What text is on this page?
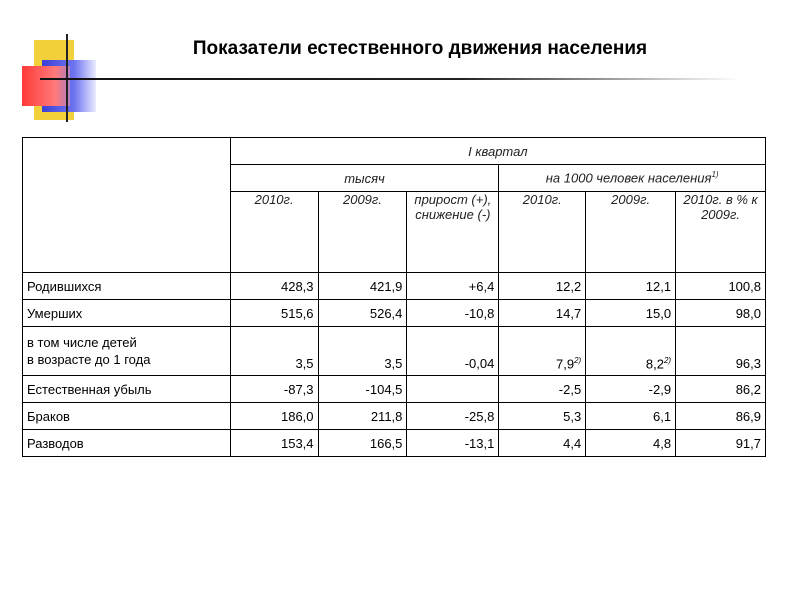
Показатели естественного движения населения
	I квартал					
	тысяч			на 1000 человек населения$^{1)}$
	2010г.	2009г.	прирост (+), снижение (-)	2010г.	2009г.	2010г. в % к 2009г.
Родившихся	428,3	421,9	+6,4	12,2	12,1	100,8
Умерших	515,6	526,4	-10,8	14,7	15,0	98,0

в том числе детей
в возрасте до 1 года	3,5	3,5	-0,04	7,9$^{2)}$	8,2$^{2)}$	96,3
Естественная убыль	-87,3	-104,5		-2,5	-2,9	86,2
Браков	186,0	211,8	-25,8	5,3	6,1	86,9
Разводов	153,4	166,5	-13,1	4,4	4,8	91,7
